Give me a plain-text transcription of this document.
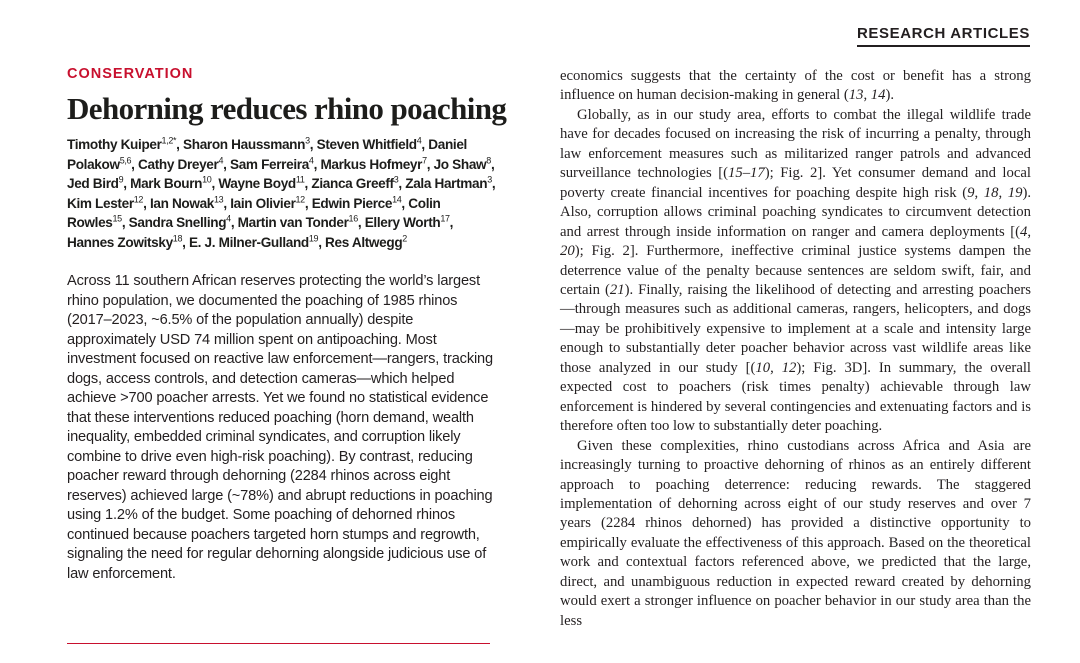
RESEARCH ARTICLES
CONSERVATION
Dehorning reduces rhino poaching

Timothy Kuiper$^{1,2*}$, Sharon Haussmann$^3$, Steven Whitfield$^4$, Daniel Polakow$^{5,6}$, Cathy Dreyer$^4$, Sam Ferreira$^4$, Markus Hofmeyr$^7$, Jo Shaw$^8$, Jed Bird$^9$, Mark Bourn$^{10}$, Wayne Boyd$^{11}$, Zianca Greeff$^3$, Zala Hartman$^3$, Kim Lester$^{12}$, Ian Nowak$^{13}$, Iain Olivier$^{12}$, Edwin Pierce$^{14}$, Colin Rowles$^{15}$, Sandra Snelling$^4$, Martin van Tonder$^{16}$, Ellery Worth$^{17}$, Hannes Zowitsky$^{18}$, E. J. Milner-Gulland$^{19}$, Res Altwegg$^2$

Across 11 southern African reserves protecting the world’s largest rhino population, we documented the poaching of 1985 rhinos (2017–2023, ~6.5% of the population annually) despite approximately USD 74 million spent on antipoaching. Most investment focused on reactive law enforcement—rangers, tracking dogs, access controls, and detection cameras—which helped achieve >700 poacher arrests. Yet we found no statistical evidence that these interventions reduced poaching (horn demand, wealth inequality, embedded criminal syndicates, and corruption likely combine to drive even high-risk poaching). By contrast, reducing poacher reward through dehorning (2284 rhinos across eight reserves) achieved large (~78%) and abrupt reductions in poaching using 1.2% of the budget. Some poaching of dehorned rhinos continued because poachers targeted horn stumps and regrowth, signaling the need for regular dehorning alongside judicious use of law enforcement.

economics suggests that the certainty of the cost or benefit has a strong influence on human decision-making in general (13, 14).

Globally, as in our study area, efforts to combat the illegal wildlife trade have for decades focused on increasing the risk of incurring a penalty, through law enforcement measures such as militarized ranger patrols and advanced surveillance technologies [(15–17); Fig. 2]. Yet consumer demand and local poverty create financial incentives for poaching despite high risk (9, 18, 19). Also, corruption allows criminal poaching syndicates to circumvent detection and arrest through inside information on ranger and camera deployments [(4, 20); Fig. 2]. Furthermore, ineffective criminal justice systems dampen the deterrence value of the penalty because sentences are seldom swift, fair, and certain (21). Finally, raising the likelihood of detecting and arresting poachers—through measures such as additional cameras, rangers, helicopters, and dogs—may be prohibitively expensive to implement at a scale and intensity large enough to substantially deter poacher behavior across vast wildlife areas like those analyzed in our study [(10, 12); Fig. 3D]. In summary, the overall expected cost to poachers (risk times penalty) achievable through law enforcement is hindered by several contingencies and extenuating factors and is therefore often too low to substantially deter poaching.

Given these complexities, rhino custodians across Africa and Asia are increasingly turning to proactive dehorning of rhinos as an entirely different approach to poaching deterrence: reducing rewards. The staggered implementation of dehorning across eight of our study reserves and over 7 years (2284 rhinos dehorned) has provided a distinctive opportunity to empirically evaluate the effectiveness of this approach. Based on the theoretical work and contextual factors referenced above, we predicted that the large, direct, and unambiguous reduction in expected reward created by dehorning would exert a stronger influence on poacher behavior in our study area than the less
